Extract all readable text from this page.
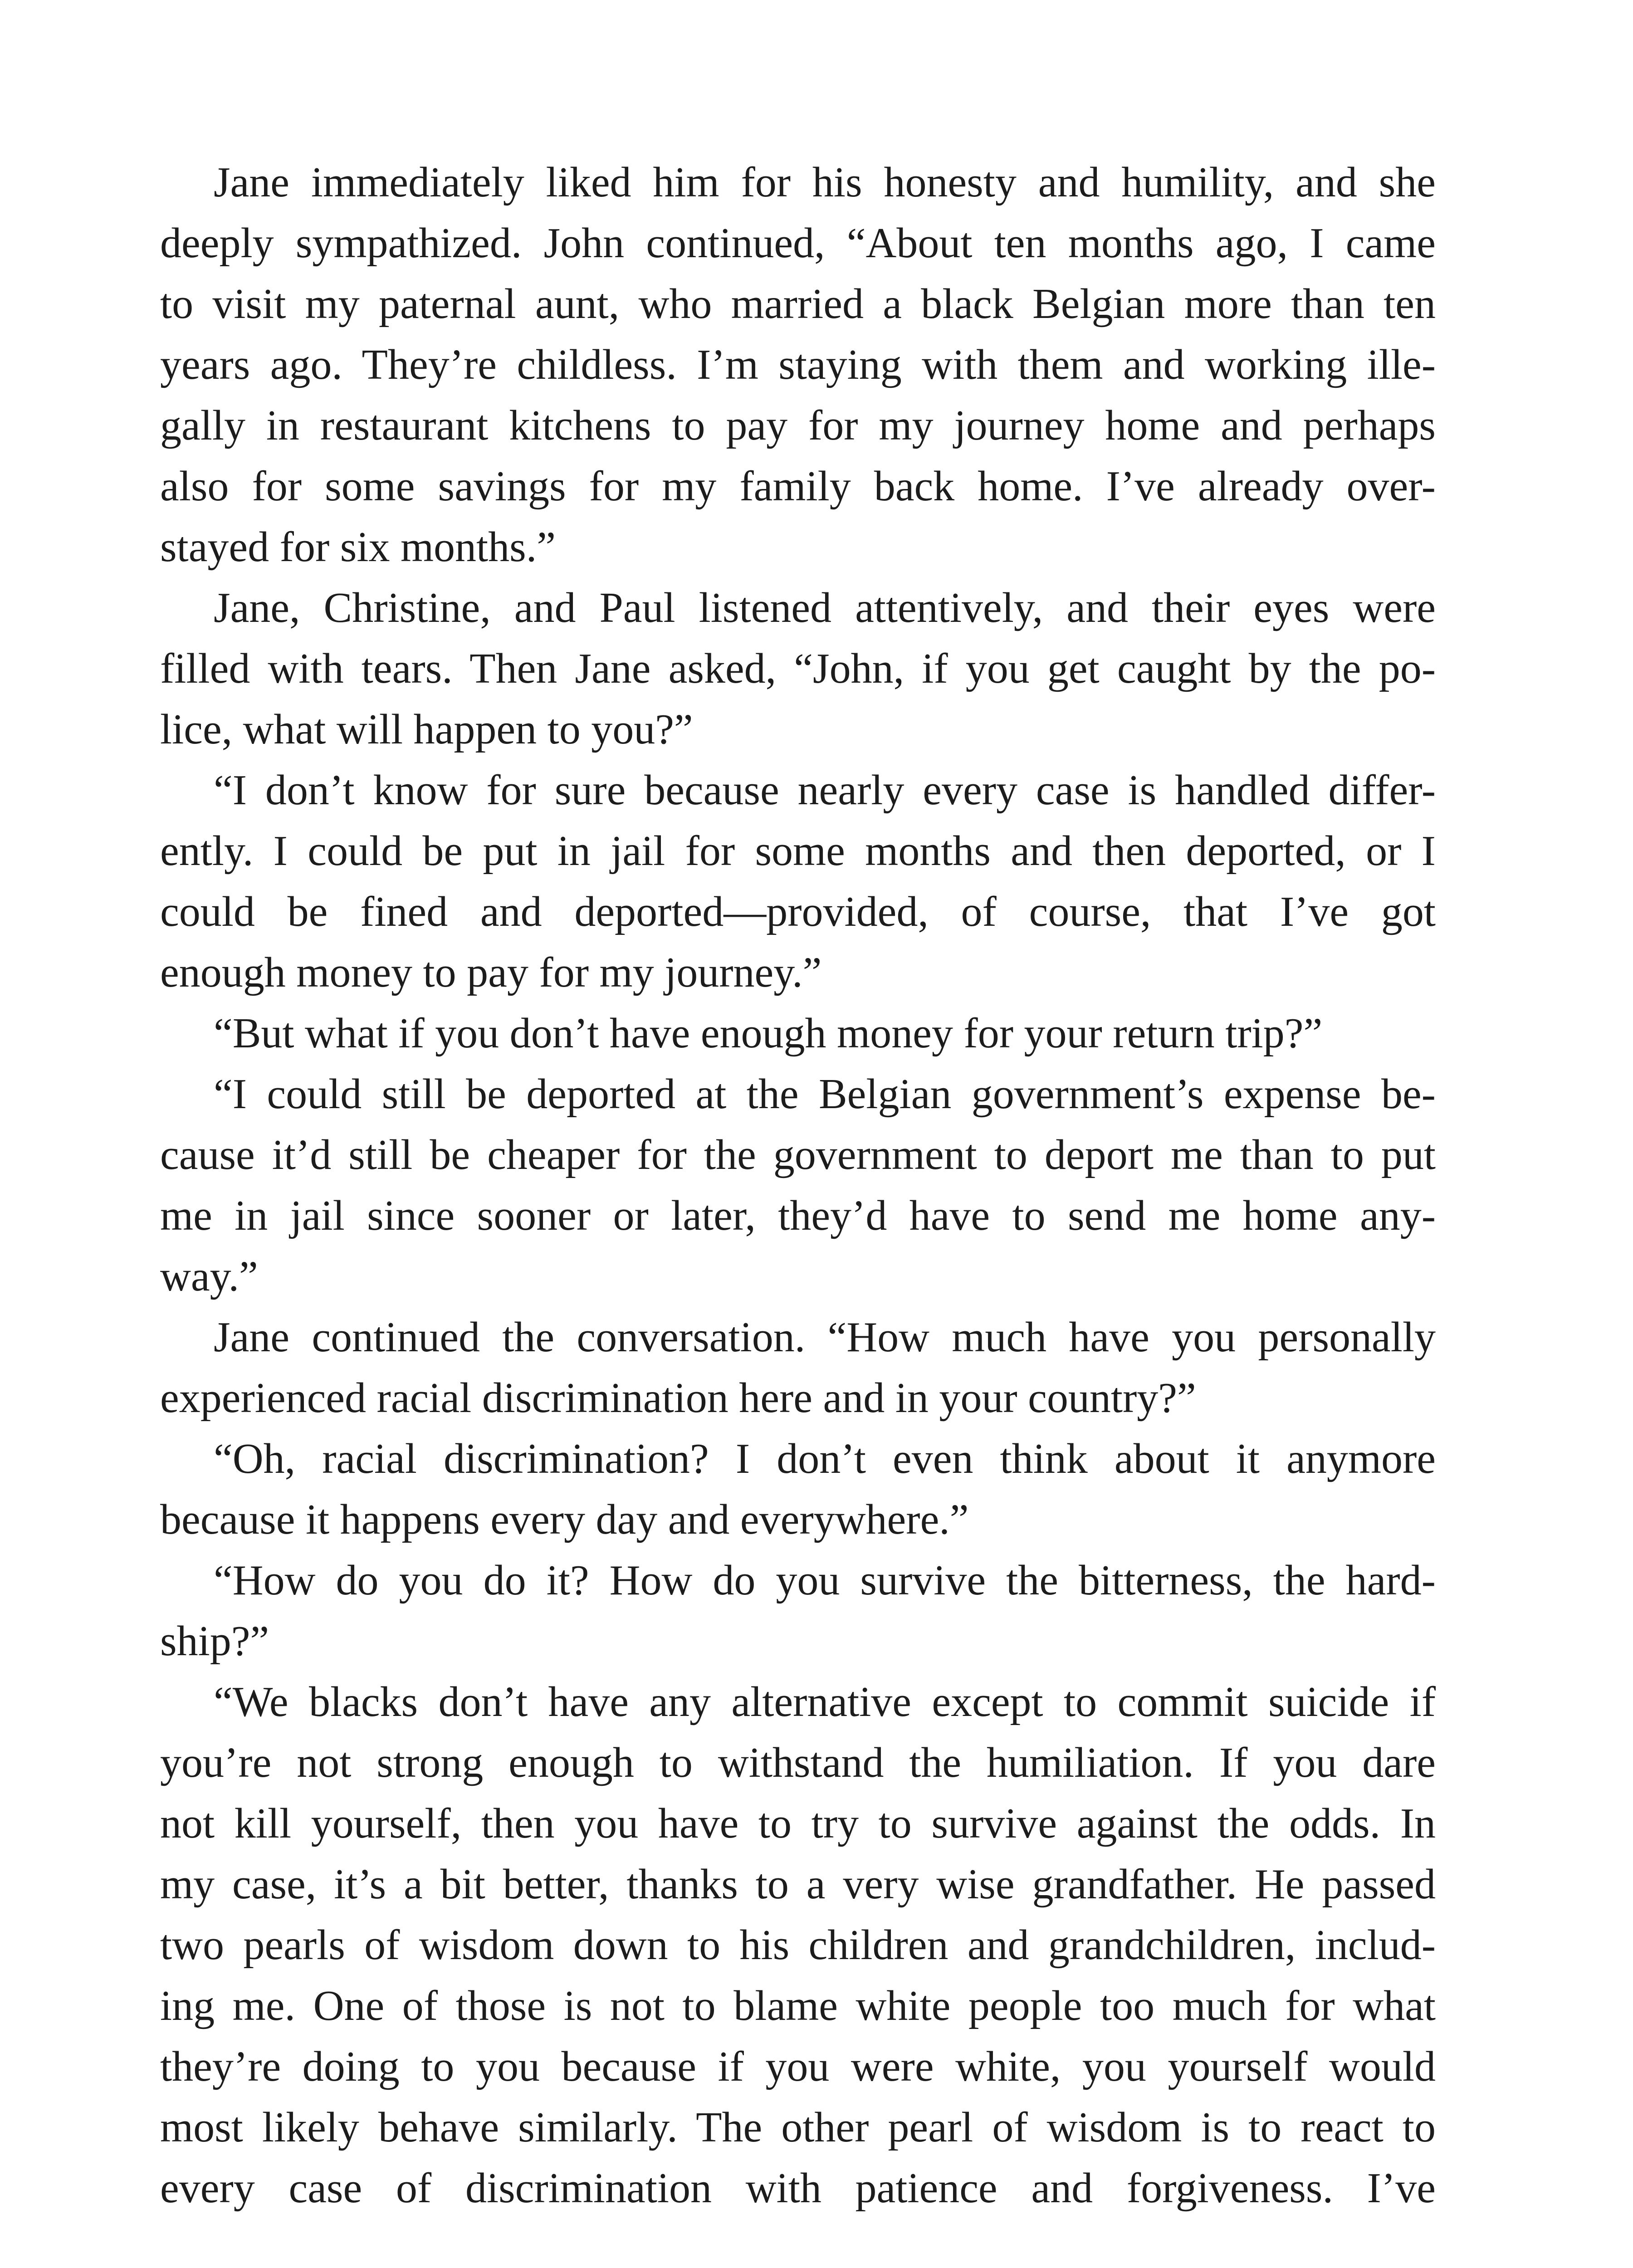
Jane immediately liked him for his honesty and humility, and she
deeply sympathized. John continued, “About ten months ago, I came
to visit my paternal aunt, who married a black Belgian more than ten
years ago. They’re childless. I’m staying with them and working ille-
gally in restaurant kitchens to pay for my journey home and perhaps
also for some savings for my family back home. I’ve already over-
stayed for six months.”
Jane, Christine, and Paul listened attentively, and their eyes were
filled with tears. Then Jane asked, “John, if you get caught by the po-
lice, what will happen to you?”
“I don’t know for sure because nearly every case is handled differ-
ently. I could be put in jail for some months and then deported, or I
could be fined and deported—provided, of course, that I’ve got
enough money to pay for my journey.”
“But what if you don’t have enough money for your return trip?”
“I could still be deported at the Belgian government’s expense be-
cause it’d still be cheaper for the government to deport me than to put
me in jail since sooner or later, they’d have to send me home any-
way.”
Jane continued the conversation. “How much have you personally
experienced racial discrimination here and in your country?”
“Oh, racial discrimination? I don’t even think about it anymore
because it happens every day and everywhere.”
“How do you do it? How do you survive the bitterness, the hard-
ship?”
“We blacks don’t have any alternative except to commit suicide if
you’re not strong enough to withstand the humiliation. If you dare
not kill yourself, then you have to try to survive against the odds. In
my case, it’s a bit better, thanks to a very wise grandfather. He passed
two pearls of wisdom down to his children and grandchildren, includ-
ing me. One of those is not to blame white people too much for what
they’re doing to you because if you were white, you yourself would
most likely behave similarly. The other pearl of wisdom is to react to
every case of discrimination with patience and forgiveness. I’ve
